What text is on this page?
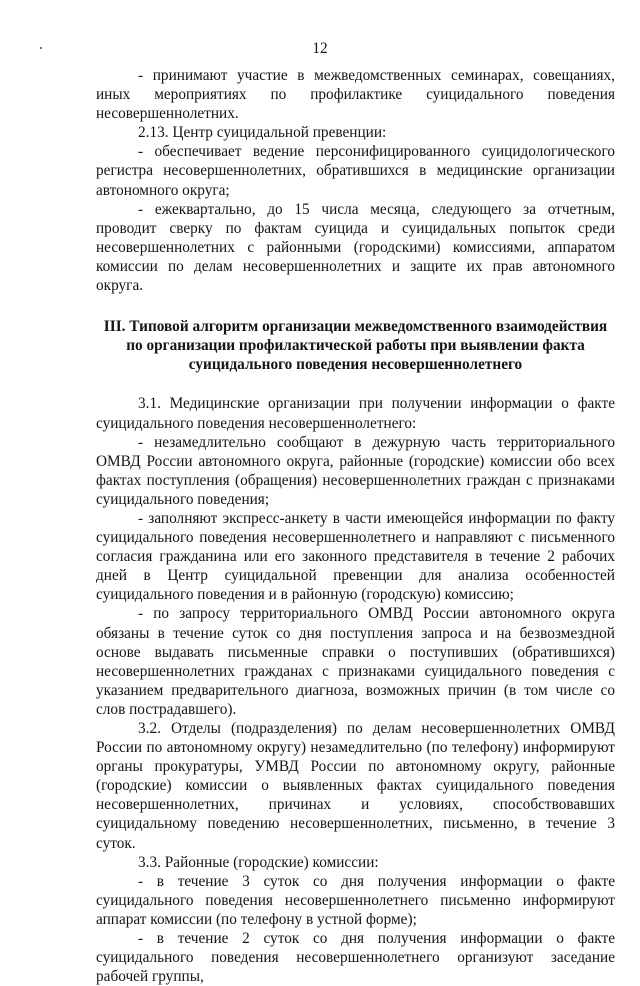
12

- принимают участие в межведомственных семинарах, совещаниях, иных мероприятиях по профилактике суицидального поведения несовершеннолетних.

2.13. Центр суицидальной превенции:

- обеспечивает ведение персонифицированного суицидологического регистра несовершеннолетних, обратившихся в медицинские организации автономного округа;

- ежеквартально, до 15 числа месяца, следующего за отчетным, проводит сверку по фактам суицида и суицидальных попыток среди несовершеннолетних с районными (городскими) комиссиями, аппаратом комиссии по делам несовершеннолетних и защите их прав автономного округа.

III. Типовой алгоритм организации межведомственного взаимодействия по организации профилактической работы при выявлении факта суицидального поведения несовершеннолетнего

3.1. Медицинские организации при получении информации о факте суицидального поведения несовершеннолетнего:

- незамедлительно сообщают в дежурную часть территориального ОМВД России автономного округа, районные (городские) комиссии обо всех фактах поступления (обращения) несовершеннолетних граждан с признаками суицидального поведения;

- заполняют экспресс-анкету в части имеющейся информации по факту суицидального поведения несовершеннолетнего и направляют с письменного согласия гражданина или его законного представителя в течение 2 рабочих дней в Центр суицидальной превенции для анализа особенностей суицидального поведения и в районную (городскую) комиссию;

- по запросу территориального ОМВД России автономного округа обязаны в течение суток со дня поступления запроса и на безвозмездной основе выдавать письменные справки о поступивших (обратившихся) несовершеннолетних гражданах с признаками суицидального поведения с указанием предварительного диагноза, возможных причин (в том числе со слов пострадавшего).

3.2. Отделы (подразделения) по делам несовершеннолетних ОМВД России по автономному округу) незамедлительно (по телефону) информируют органы прокуратуры, УМВД России по автономному округу, районные (городские) комиссии о выявленных фактах суицидального поведения несовершеннолетних, причинах и условиях, способствовавших суицидальному поведению несовершеннолетних, письменно, в течение 3 суток.

3.3. Районные (городские) комиссии:

- в течение 3 суток со дня получения информации о факте суицидального поведения несовершеннолетнего письменно информируют аппарат комиссии (по телефону в устной форме);

- в течение 2 суток со дня получения информации о факте суицидального поведения несовершеннолетнего организуют заседание рабочей группы,
